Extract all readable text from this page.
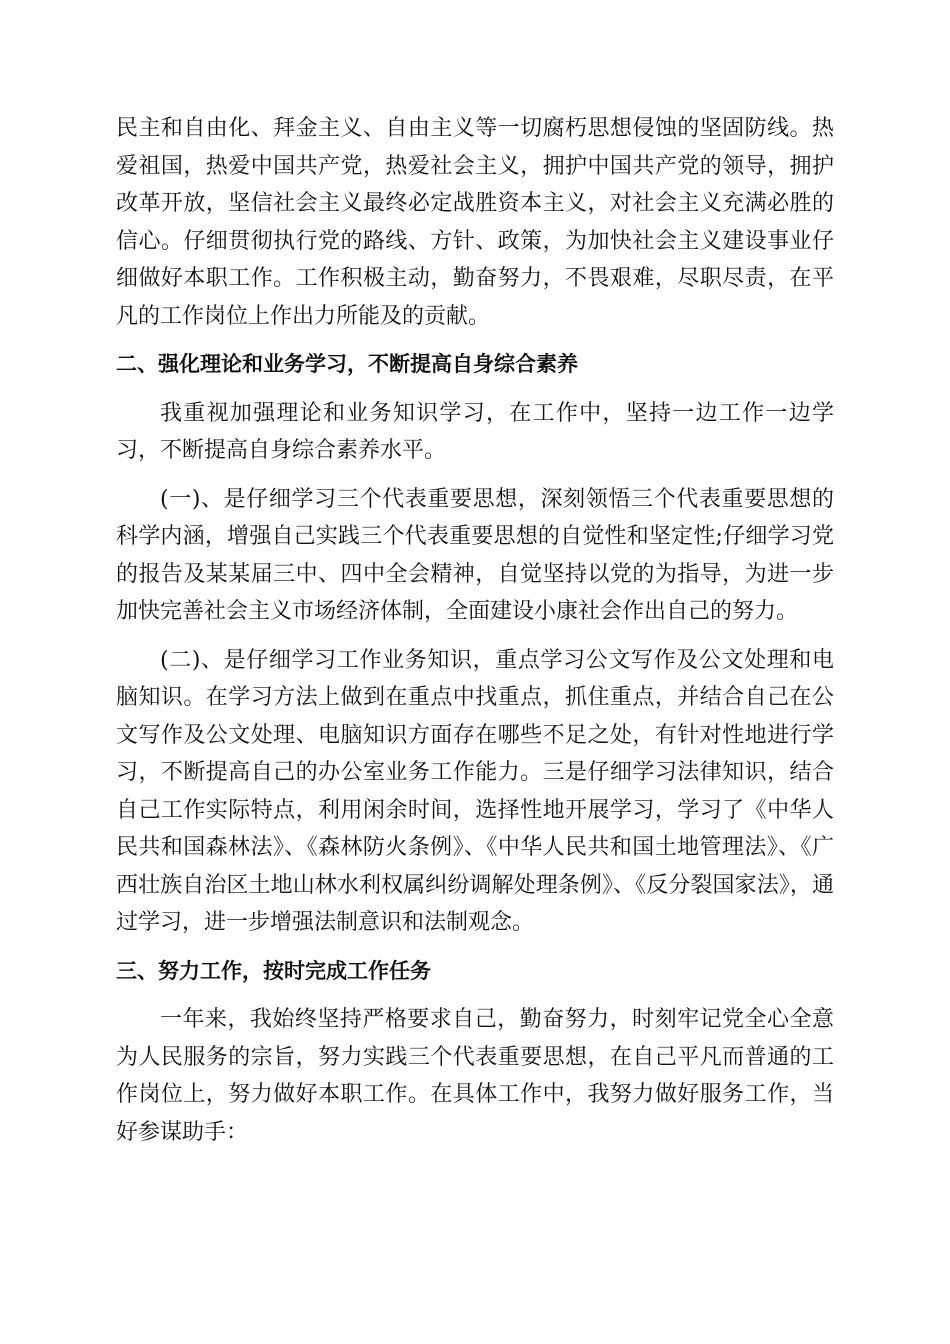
民主和自由化、拜金主义、自由主义等一切腐朽思想侵蚀的坚固防线。热爱祖国，热爱中国共产党，热爱社会主义，拥护中国共产党的领导，拥护改革开放，坚信社会主义最终必定战胜资本主义，对社会主义充满必胜的信心。仔细贯彻执行党的路线、方针、政策，为加快社会主义建设事业仔细做好本职工作。工作积极主动，勤奋努力，不畏艰难，尽职尽责，在平凡的工作岗位上作出力所能及的贡献。

二、强化理论和业务学习，不断提高自身综合素养

我重视加强理论和业务知识学习，在工作中，坚持一边工作一边学习，不断提高自身综合素养水平。

(一)、是仔细学习三个代表重要思想，深刻领悟三个代表重要思想的科学内涵，增强自己实践三个代表重要思想的自觉性和坚定性;仔细学习党的报告及某某届三中、四中全会精神，自觉坚持以党的为指导，为进一步加快完善社会主义市场经济体制，全面建设小康社会作出自己的努力。

(二)、是仔细学习工作业务知识，重点学习公文写作及公文处理和电脑知识。在学习方法上做到在重点中找重点，抓住重点，并结合自己在公文写作及公文处理、电脑知识方面存在哪些不足之处，有针对性地进行学习，不断提高自己的办公室业务工作能力。三是仔细学习法律知识，结合自己工作实际特点，利用闲余时间，选择性地开展学习，学习了《中华人民共和国森林法》、《森林防火条例》、《中华人民共和国土地管理法》、《广西壮族自治区土地山林水利权属纠纷调解处理条例》、《反分裂国家法》，通过学习，进一步增强法制意识和法制观念。

三、努力工作，按时完成工作任务

一年来，我始终坚持严格要求自己，勤奋努力，时刻牢记党全心全意为人民服务的宗旨，努力实践三个代表重要思想，在自己平凡而普通的工作岗位上，努力做好本职工作。在具体工作中，我努力做好服务工作，当好参谋助手：
